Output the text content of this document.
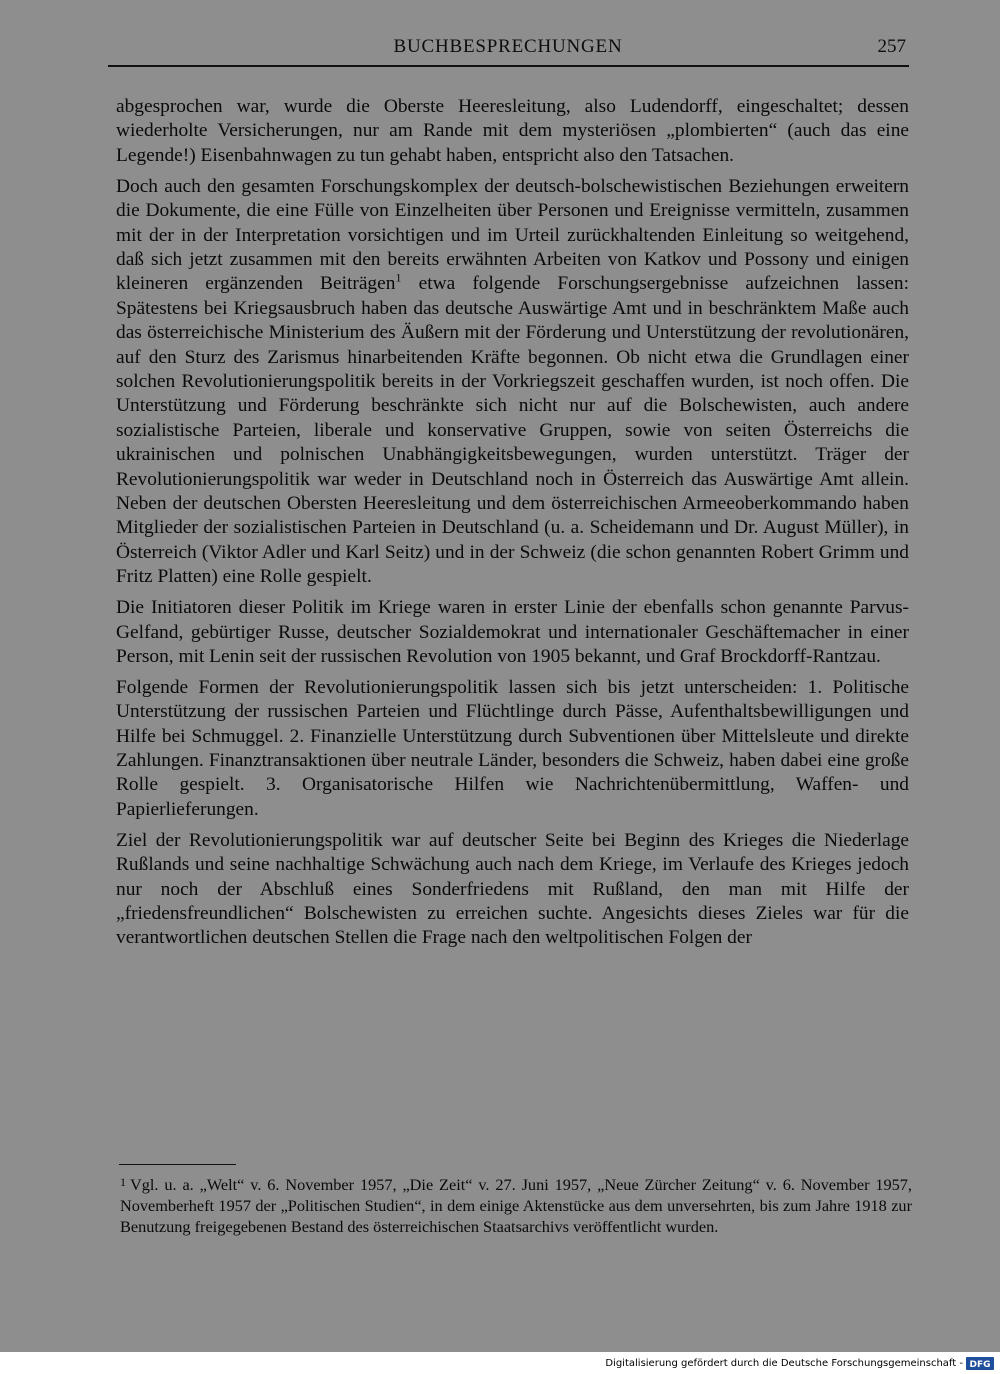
BUCHBESPRECHUNGEN	257

abgesprochen war, wurde die Oberste Heeresleitung, also Ludendorff, eingeschaltet; dessen wiederholte Versicherungen, nur am Rande mit dem mysteriösen „plombierten“ (auch das eine Legende!) Eisenbahnwagen zu tun gehabt haben, entspricht also den Tatsachen.

Doch auch den gesamten Forschungskomplex der deutsch-bolschewistischen Beziehungen erweitern die Dokumente, die eine Fülle von Einzelheiten über Personen und Ereignisse vermitteln, zusammen mit der in der Interpretation vorsichtigen und im Urteil zurückhaltenden Einleitung so weitgehend, daß sich jetzt zusammen mit den bereits erwähnten Arbeiten von Katkov und Possony und einigen kleineren ergänzenden Beiträgen$^1$ etwa folgende Forschungsergebnisse aufzeichnen lassen: Spätestens bei Kriegsausbruch haben das deutsche Auswärtige Amt und in beschränktem Maße auch das österreichische Ministerium des Äußern mit der Förderung und Unterstützung der revolutionären, auf den Sturz des Zarismus hinarbeitenden Kräfte begonnen. Ob nicht etwa die Grundlagen einer solchen Revolutionierungspolitik bereits in der Vorkriegszeit geschaffen wurden, ist noch offen. Die Unterstützung und Förderung beschränkte sich nicht nur auf die Bolschewisten, auch andere sozialistische Parteien, liberale und konservative Gruppen, sowie von seiten Österreichs die ukrainischen und polnischen Unabhängigkeitsbewegungen, wurden unterstützt. Träger der Revolutionierungspolitik war weder in Deutschland noch in Österreich das Auswärtige Amt allein. Neben der deutschen Obersten Heeresleitung und dem österreichischen Armeeoberkommando haben Mitglieder der sozialistischen Parteien in Deutschland (u. a. Scheidemann und Dr. August Müller), in Österreich (Viktor Adler und Karl Seitz) und in der Schweiz (die schon genannten Robert Grimm und Fritz Platten) eine Rolle gespielt.

Die Initiatoren dieser Politik im Kriege waren in erster Linie der ebenfalls schon genannte Parvus-Gelfand, gebürtiger Russe, deutscher Sozialdemokrat und internationaler Geschäftemacher in einer Person, mit Lenin seit der russischen Revolution von 1905 bekannt, und Graf Brockdorff-Rantzau.

Folgende Formen der Revolutionierungspolitik lassen sich bis jetzt unterscheiden: 1. Politische Unterstützung der russischen Parteien und Flüchtlinge durch Pässe, Aufenthaltsbewilligungen und Hilfe bei Schmuggel. 2. Finanzielle Unterstützung durch Subventionen über Mittelsleute und direkte Zahlungen. Finanztransaktionen über neutrale Länder, besonders die Schweiz, haben dabei eine große Rolle gespielt. 3. Organisatorische Hilfen wie Nachrichtenübermittlung, Waffen- und Papierlieferungen.

Ziel der Revolutionierungspolitik war auf deutscher Seite bei Beginn des Krieges die Niederlage Rußlands und seine nachhaltige Schwächung auch nach dem Kriege, im Verlaufe des Krieges jedoch nur noch der Abschluß eines Sonderfriedens mit Rußland, den man mit Hilfe der „friedensfreundlichen“ Bolschewisten zu erreichen suchte. Angesichts dieses Zieles war für die verantwortlichen deutschen Stellen die Frage nach den weltpolitischen Folgen der

$^1$ Vgl. u. a. „Welt“ v. 6. November 1957, „Die Zeit“ v. 27. Juni 1957, „Neue Zürcher Zeitung“ v. 6. November 1957, Novemberheft 1957 der „Politischen Studien“, in dem einige Aktenstücke aus dem unversehrten, bis zum Jahre 1918 zur Benutzung freigegebenen Bestand des österreichischen Staatsarchivs veröffentlicht wurden.

Digitalisierung gefördert durch die Deutsche Forschungsgemeinschaft - DFG
